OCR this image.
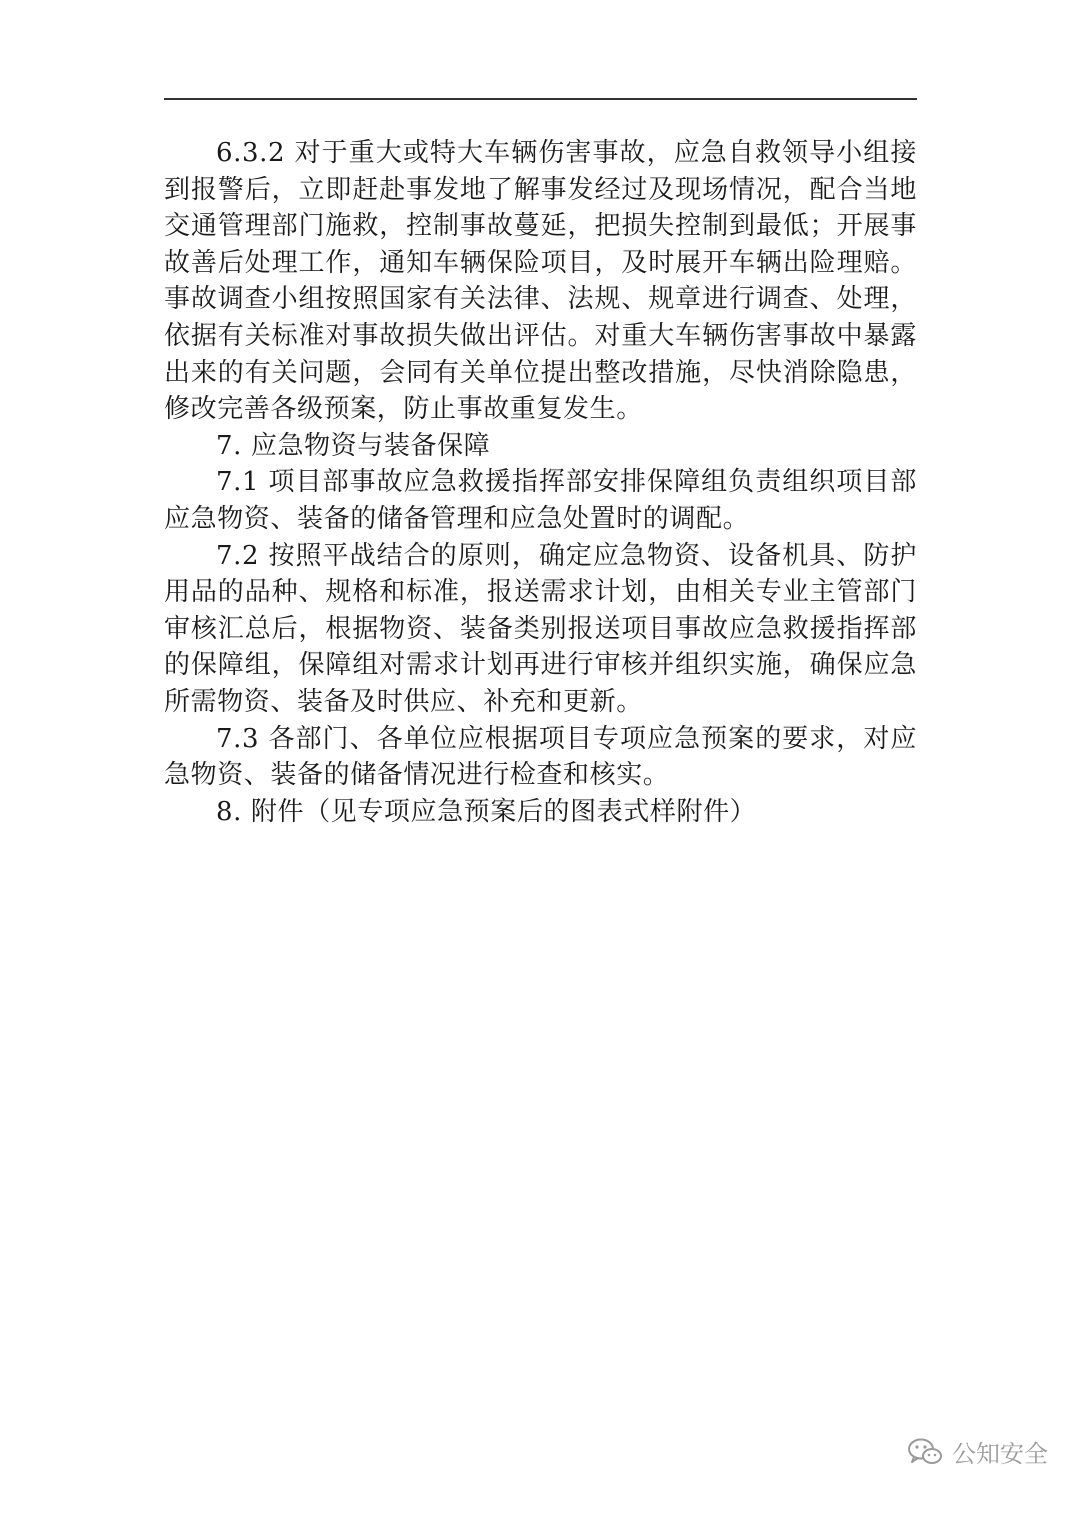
6.3.2 对于重大或特大车辆伤害事故，应急自救领导小组接到报警后，立即赶赴事发地了解事发经过及现场情况，配合当地交通管理部门施救，控制事故蔓延，把损失控制到最低；开展事故善后处理工作，通知车辆保险项目，及时展开车辆出险理赔。事故调查小组按照国家有关法律、法规、规章进行调查、处理，依据有关标准对事故损失做出评估。对重大车辆伤害事故中暴露出来的有关问题，会同有关单位提出整改措施，尽快消除隐患，修改完善各级预案，防止事故重复发生。

7. 应急物资与装备保障

7.1 项目部事故应急救援指挥部安排保障组负责组织项目部应急物资、装备的储备管理和应急处置时的调配。

7.2 按照平战结合的原则，确定应急物资、设备机具、防护用品的品种、规格和标准，报送需求计划，由相关专业主管部门审核汇总后，根据物资、装备类别报送项目事故应急救援指挥部的保障组，保障组对需求计划再进行审核并组织实施，确保应急所需物资、装备及时供应、补充和更新。

7.3 各部门、各单位应根据项目专项应急预案的要求，对应急物资、装备的储备情况进行检查和核实。

8. 附件（见专项应急预案后的图表式样附件）

公知安全
